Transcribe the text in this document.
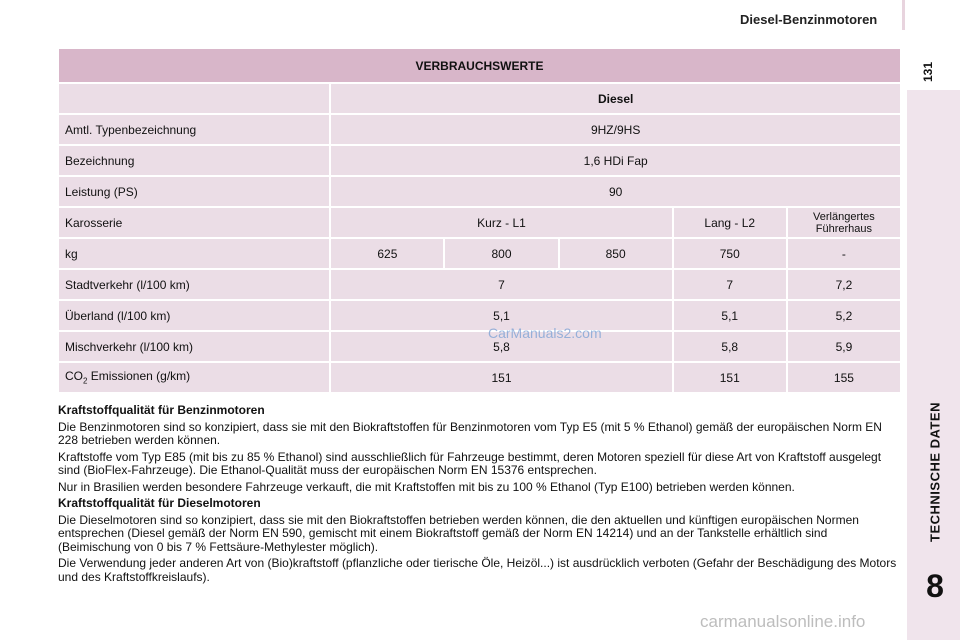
Diesel-Benzinmotoren
131
TECHNISCHE DATEN
8
VERBRAUCHSWERTE					
	Diesel				
Amtl. Typenbezeichnung	9HZ/9HS				
Bezeichnung	1,6 HDi Fap				
Leistung (PS)	90				
Karosserie	Kurz - L1			Lang - L2	Verlängertes Führerhaus
kg	625	800	850	750	-
Stadtverkehr (l/100 km)	7			7	7,2
Überland (l/100 km)	5,1			5,1	5,2
Mischverkehr (l/100 km)	5,8			5,8	5,9
$CO_2$ Emissionen (g/km)	151			151	155
CarManuals2.com

Kraftstoffqualität für Benzinmotoren

Die Benzinmotoren sind so konzipiert, dass sie mit den Biokraftstoffen für Benzinmotoren vom Typ E5 (mit 5 % Ethanol) gemäß der europäischen Norm EN 228 betrieben werden können.

Kraftstoffe vom Typ E85 (mit bis zu 85 % Ethanol) sind ausschließlich für Fahrzeuge bestimmt, deren Motoren speziell für diese Art von Kraftstoff ausgelegt sind (BioFlex-Fahrzeuge). Die Ethanol-Qualität muss der europäischen Norm EN 15376 entsprechen.

Nur in Brasilien werden besondere Fahrzeuge verkauft, die mit Kraftstoffen mit bis zu 100 % Ethanol (Typ E100) betrieben werden können.

Kraftstoffqualität für Dieselmotoren

Die Dieselmotoren sind so konzipiert, dass sie mit den Biokraftstoffen betrieben werden können, die den aktuellen und künftigen europäischen Normen entsprechen (Diesel gemäß der Norm EN 590, gemischt mit einem Biokraftstoff gemäß der Norm EN 14214) und an der Tankstelle erhältlich sind (Beimischung von 0 bis 7 % Fettsäure-Methylester möglich).

Die Verwendung jeder anderen Art von (Bio)kraftstoff (pflanzliche oder tierische Öle, Heizöl...) ist ausdrücklich verboten (Gefahr der Beschädigung des Motors und des Kraftstoffkreislaufs).

carmanualsonline.info
